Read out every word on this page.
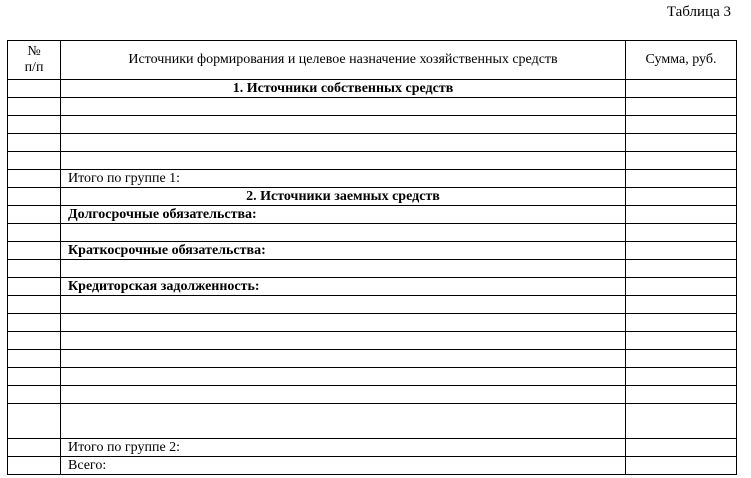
Таблица 3
№
п/п	Источники формирования и целевое назначение хозяйственных средств	Сумма, руб.
	1. Источники собственных средств	

	Итого по группе 1:	
	2. Источники заемных средств	
	Долгосрочные обязательства:	

	Краткосрочные обязательства:	

	Кредиторская задолженность:	

	Итого по группе 2:	
	Всего:	
